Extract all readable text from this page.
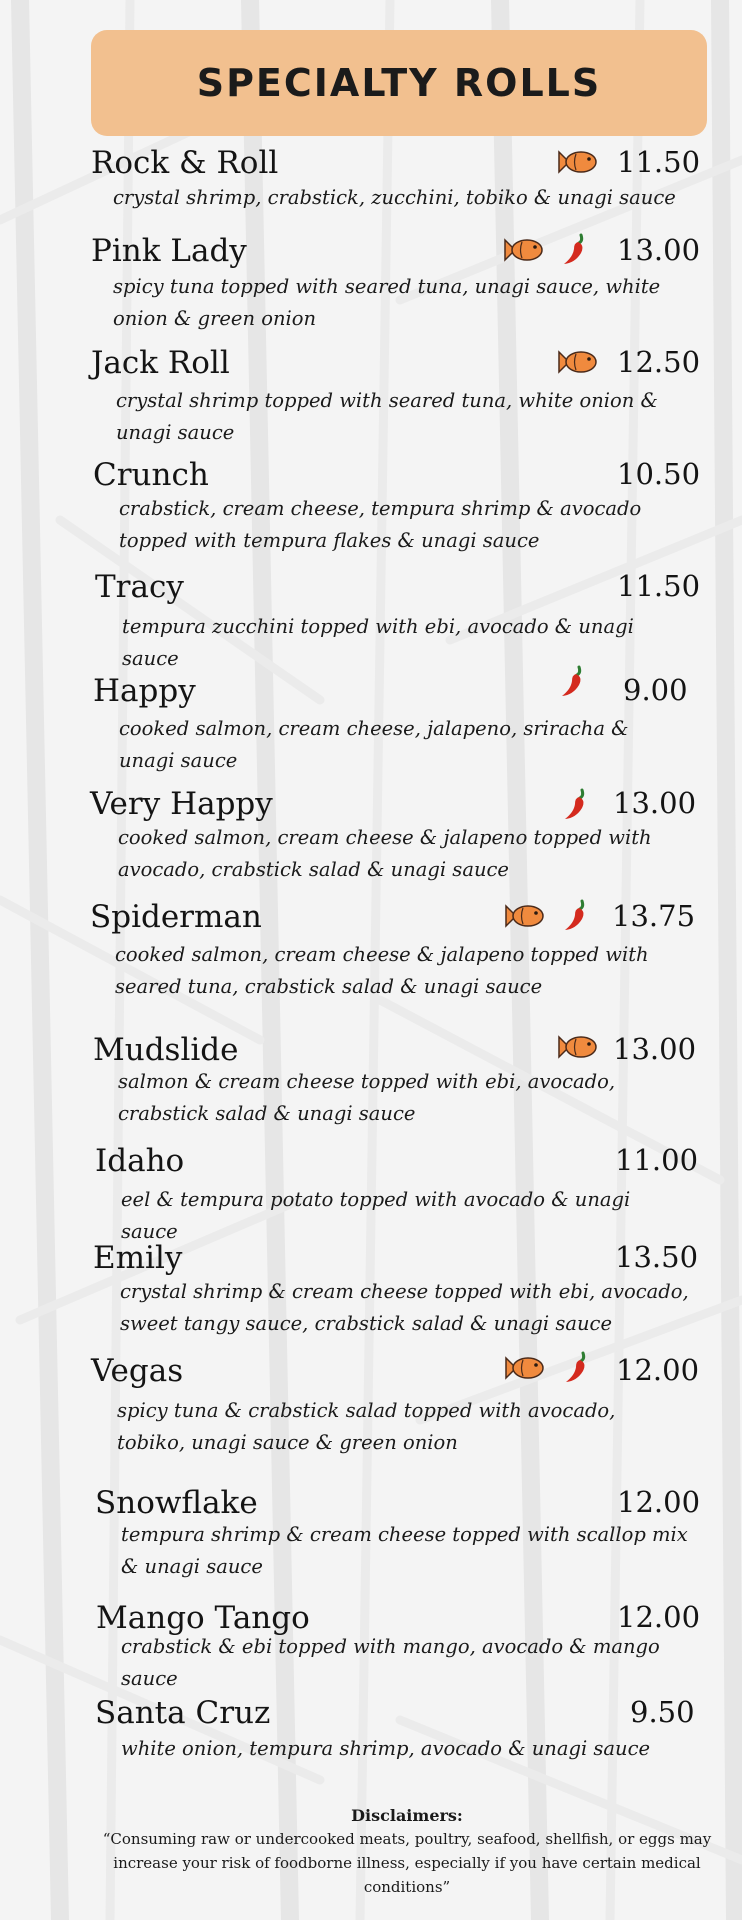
SPECIALTY ROLLS
Rock & Roll	11.50
crystal shrimp, crabstick, zucchini, tobiko & unagi sauce
Pink Lady	13.00
spicy tuna topped with seared tuna, unagi sauce, white onion & green onion
Jack Roll	12.50
crystal shrimp topped with seared tuna, white onion & unagi sauce
Crunch	10.50
crabstick, cream cheese, tempura shrimp & avocado topped with tempura flakes & unagi sauce
Tracy	11.50
tempura zucchini topped with ebi, avocado & unagi sauce
Happy	9.00
cooked salmon, cream cheese, jalapeno, sriracha & unagi sauce
Very Happy	13.00
cooked salmon, cream cheese & jalapeno topped with avocado, crabstick salad & unagi sauce
Spiderman	13.75
cooked salmon, cream cheese & jalapeno topped with seared tuna, crabstick salad & unagi sauce
Mudslide	13.00
salmon & cream cheese topped with ebi, avocado, crabstick salad & unagi sauce
Idaho	11.00
eel & tempura potato topped with avocado & unagi sauce
Emily	13.50
crystal shrimp & cream cheese topped with ebi, avocado, sweet tangy sauce, crabstick salad & unagi sauce
Vegas	12.00
spicy tuna & crabstick salad topped with avocado, tobiko, unagi sauce & green onion
Snowflake	12.00
tempura shrimp & cream cheese topped with scallop mix & unagi sauce
Mango Tango	12.00
crabstick & ebi topped with mango, avocado & mango sauce
Santa Cruz	9.50
white onion, tempura shrimp, avocado & unagi sauce
Disclaimers:
“Consuming raw or undercooked meats, poultry, seafood, shellfish, or eggs may increase your risk of foodborne illness, especially if you have certain medical conditions”
